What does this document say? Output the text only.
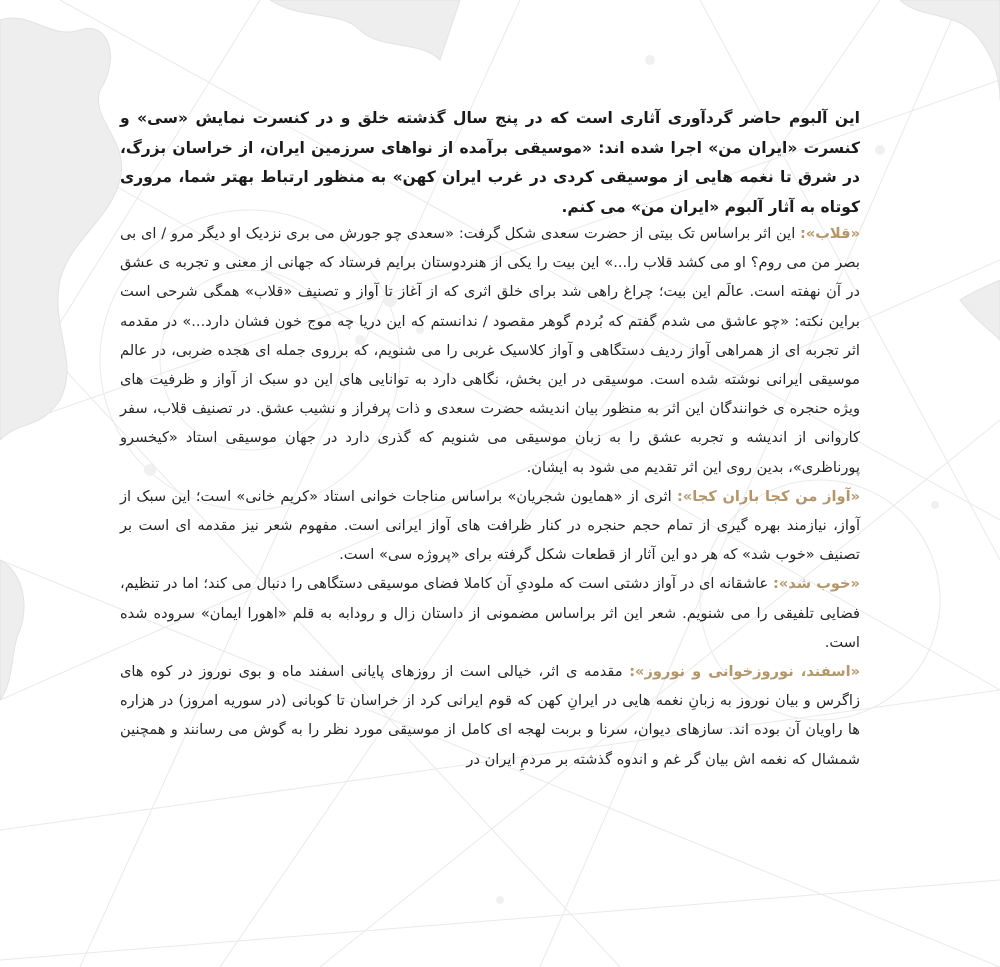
این آلبوم حاضر گردآوری آثاری است که در پنج سال گذشته خلق و در کنسرت نمایش «سی» و کنسرت «ایران من» اجرا شده اند: «موسیقی برآمده از نواهای سرزمین ایران، از خراسان بزرگ، در شرق تا نغمه هایی از موسیقی کردی در غرب ایران کهن» به منظور ارتباط بهتر شما، مروری کوتاه به آثار آلبوم «ایران من» می کنم.

«قلاب»: این اثر براساس تک بیتی از حضرت سعدی شکل گرفت: «سعدی چو جورش می بری نزدیک او دیگر مرو / ای بی بصر من می روم؟ او می کشد قلاب را...» این بیت را یکی از هنردوستان برایم فرستاد که جهانی از معنی و تجربه ی عشق در آن نهفته است. عالَم این بیت؛ چراغ راهی شد برای خلق اثری که از آغاز تا آواز و تصنیف «قلاب» همگی شرحی است براین نکته: «چو عاشق می شدم گفتم که بُردم گوهر مقصود / ندانستم که این دریا چه موج خون فشان دارد...» در مقدمه اثر تجربه ای از همراهی آواز ردیف دستگاهی و آواز کلاسیک غربی را می شنویم، که برروی جمله ای هجده ضربی، در عالم موسیقی ایرانی نوشته شده است. موسیقی در این بخش، نگاهی دارد به توانایی های این دو سبک از آواز و ظرفیت های ویژه حنجره ی خوانندگان این اثر به منظور بیان اندیشه حضرت سعدی و ذات پرفراز و نشیب عشق. در تصنیف قلاب، سفر کاروانی از اندیشه و تجربه عشق را به زبان موسیقی می شنویم که گذری دارد در جهان موسیقی استاد «کیخسرو پورناظری»، بدین روی این اثر تقدیم می شود به ایشان.

«آواز من کجا باران کجا»: اثری از «همایون شجریان» براساس مناجات خوانی استاد «کریم خانی» است؛ این سبک از آواز، نیازمند بهره گیری از تمام حجم حنجره در کنار ظرافت های آواز ایرانی است. مفهوم شعر نیز مقدمه ای است بر تصنیف «خوب شد» که هر دو این آثار از قطعات شکل گرفته برای «پروژه سی» است.

«خوب شد»: عاشقانه ای در آواز دشتی است که ملودیِ آن کاملا فضای موسیقی دستگاهی را دنبال می کند؛ اما در تنظیم، فضایی تلفیقی را می شنویم. شعر این اثر براساس مضمونی از داستان زال و رودابه به قلم «اهورا ایمان» سروده شده است.

«اسفند، نوروزخوانی و نوروز»: مقدمه ی اثر، خیالی است از روزهای پایانی اسفند ماه و بوی نوروز در کوه های زاگرس و بیان نوروز به زبانِ نغمه هایی در ایرانِ کهن که قوم ایرانی کرد از خراسان تا کوبانی (در سوریه امروز) در هزاره ها راویان آن بوده اند. سازهای دیوان، سرنا و بربت لهجه ای کامل از موسیقی مورد نظر را به گوش می رسانند و همچنین شمشال که نغمه اش بیان گر غم و اندوه گذشته بر مردمِ ایران در
